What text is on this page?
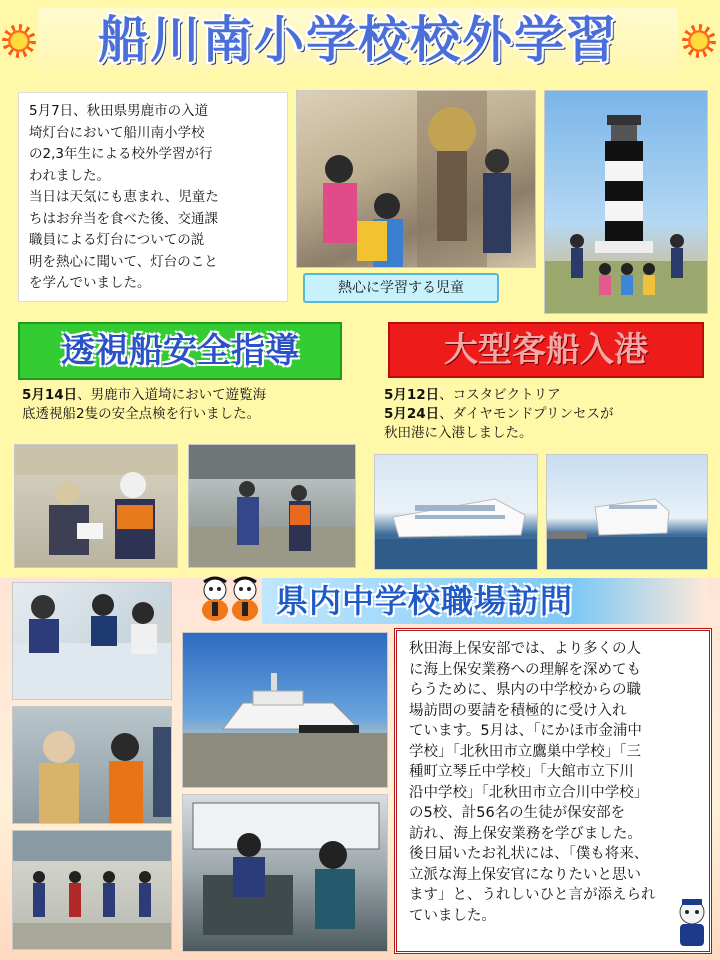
船川南小学校校外学習
5月7日、秋田県男鹿市の入道
埼灯台において船川南小学校
の2,3年生による校外学習が行
われました。
当日は天気にも恵まれ、児童た
ちはお弁当を食べた後、交通課
職員による灯台についての説
明を熱心に聞いて、灯台のこと
を学んでいました。	熱心に学習する児童
透視船安全指導	大型客船入港
5月14日、男鹿市入道埼において遊覧海
底透視船2隻の安全点検を行いました。
5月12日、コスタビクトリア
5月24日、ダイヤモンドプリンセスが
秋田港に入港しました。
県内中学校職場訪問
秋田海上保安部では、より多くの人
に海上保安業務への理解を深めても
らうために、県内の中学校からの職
場訪問の要請を積極的に受け入れ
ています。5月は、「にかほ市金浦中
学校」「北秋田市立鷹巣中学校」「三
種町立琴丘中学校」「大館市立下川
沿中学校」「北秋田市立合川中学校」
の5校、計56名の生徒が保安部を
訪れ、海上保安業務を学びました。
後日届いたお礼状には、「僕も将来、
立派な海上保安官になりたいと思い
ます」と、うれしいひと言が添えられ
ていました。
